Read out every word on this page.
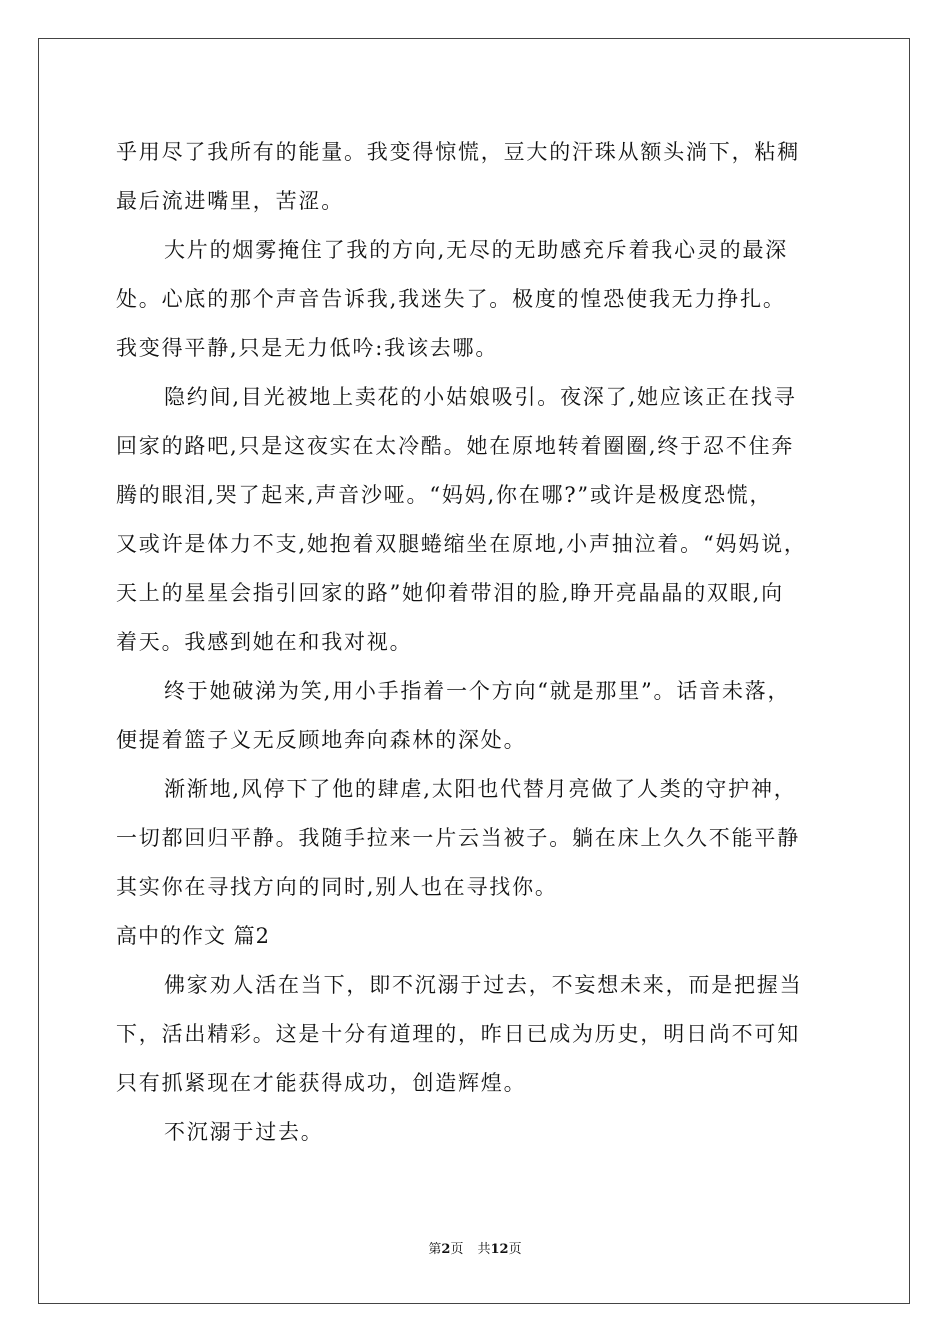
乎用尽了我所有的能量。我变得惊慌，豆大的汗珠从额头淌下，粘稠
最后流进嘴里，苦涩。
大片的烟雾掩住了我的方向,无尽的无助感充斥着我心灵的最深
处。心底的那个声音告诉我,我迷失了。极度的惶恐使我无力挣扎。
我变得平静,只是无力低吟:我该去哪。
隐约间,目光被地上卖花的小姑娘吸引。夜深了,她应该正在找寻
回家的路吧,只是这夜实在太冷酷。她在原地转着圈圈,终于忍不住奔
腾的眼泪,哭了起来,声音沙哑。“妈妈,你在哪?”或许是极度恐慌，
又或许是体力不支,她抱着双腿蜷缩坐在原地,小声抽泣着。“妈妈说，
天上的星星会指引回家的路”她仰着带泪的脸,睁开亮晶晶的双眼,向
着天。我感到她在和我对视。
终于她破涕为笑,用小手指着一个方向“就是那里”。话音未落，
便提着篮子义无反顾地奔向森林的深处。
渐渐地,风停下了他的肆虐,太阳也代替月亮做了人类的守护神，
一切都回归平静。我随手拉来一片云当被子。躺在床上久久不能平静
其实你在寻找方向的同时,别人也在寻找你。
高中的作文 篇2
佛家劝人活在当下，即不沉溺于过去，不妄想未来，而是把握当
下，活出精彩。这是十分有道理的，昨日已成为历史，明日尚不可知
只有抓紧现在才能获得成功，创造辉煌。
不沉溺于过去。
第2页 共12页
